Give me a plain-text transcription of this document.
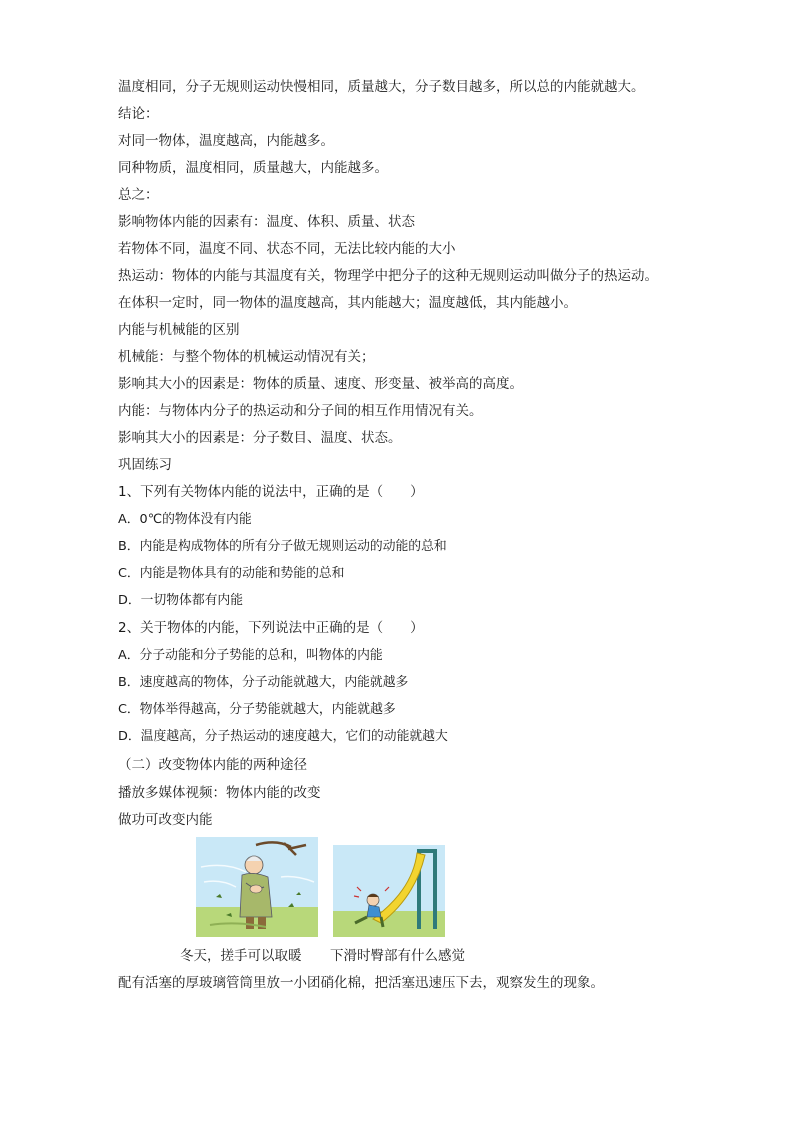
温度相同，分子无规则运动快慢相同，质量越大，分子数目越多，所以总的内能就越大。
结论：
对同一物体，温度越高，内能越多。
同种物质，温度相同，质量越大，内能越多。
总之：
影响物体内能的因素有：温度、体积、质量、状态
若物体不同，温度不同、状态不同，无法比较内能的大小
热运动：物体的内能与其温度有关，物理学中把分子的这种无规则运动叫做分子的热运动。
在体积一定时，同一物体的温度越高，其内能越大；温度越低，其内能越小。
内能与机械能的区别
机械能：与整个物体的机械运动情况有关；
影响其大小的因素是：物体的质量、速度、形变量、被举高的高度。
内能：与物体内分子的热运动和分子间的相互作用情况有关。
影响其大小的因素是：分子数目、温度、状态。
巩固练习
1、下列有关物体内能的说法中，正确的是（　　）
A．0℃的物体没有内能
B．内能是构成物体的所有分子做无规则运动的动能的总和
C．内能是物体具有的动能和势能的总和
D．一切物体都有内能
2、关于物体的内能，下列说法中正确的是（　　）
A．分子动能和分子势能的总和，叫物体的内能
B．速度越高的物体，分子动能就越大，内能就越多
C．物体举得越高，分子势能就越大，内能就越多
D．温度越高，分子热运动的速度越大，它们的动能就越大
（二）改变物体内能的两种途径
播放多媒体视频：物体内能的改变
做功可改变内能
冬天，搓手可以取暖 下滑时臀部有什么感觉
配有活塞的厚玻璃管筒里放一小团硝化棉，把活塞迅速压下去，观察发生的现象。
